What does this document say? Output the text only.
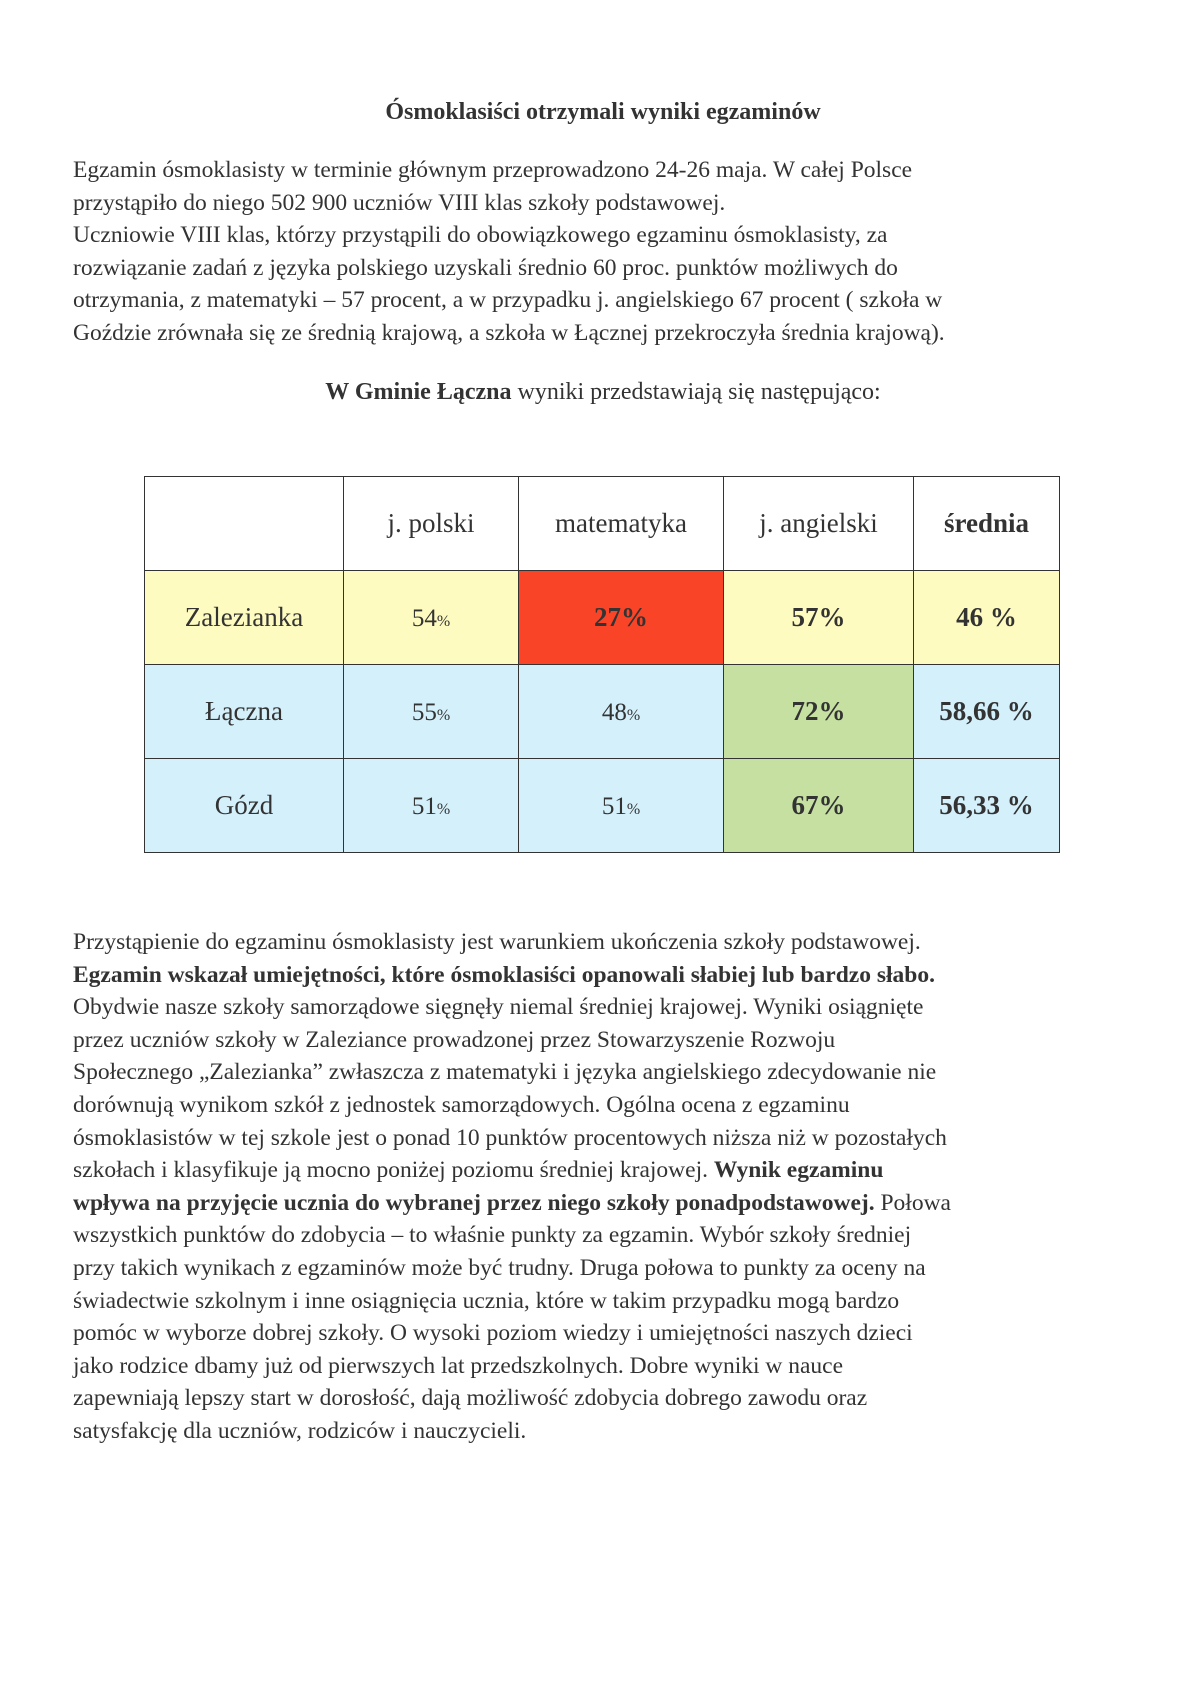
Ósmoklasiści otrzymali wyniki egzaminów

Egzamin ósmoklasisty w terminie głównym przeprowadzono 24-26 maja. W całej Polsce
przystąpiło do niego 502 900 uczniów VIII klas szkoły podstawowej.
Uczniowie VIII klas, którzy przystąpili do obowiązkowego egzaminu ósmoklasisty, za
rozwiązanie zadań z języka polskiego uzyskali średnio 60 proc. punktów możliwych do
otrzymania, z matematyki – 57 procent, a w przypadku j. angielskiego 67 procent ( szkoła w
Goździe zrównała się ze średnią krajową, a szkoła w Łącznej przekroczyła średnia krajową).

W Gminie Łączna wyniki przedstawiają się następująco:

	j. polski	matematyka	j. angielski	średnia
Zalezianka	54%	27%	57%	46 %
Łączna	55%	48%	72%	58,66 %
Gózd	51%	51%	67%	56,33 %
Przystąpienie do egzaminu ósmoklasisty jest warunkiem ukończenia szkoły podstawowej.
Egzamin wskazał umiejętności, które ósmoklasiści opanowali słabiej lub bardzo słabo.
Obydwie nasze szkoły samorządowe sięgnęły niemal średniej krajowej. Wyniki osiągnięte
przez uczniów szkoły w Zaleziance prowadzonej przez Stowarzyszenie Rozwoju
Społecznego „Zalezianka” zwłaszcza z matematyki i języka angielskiego zdecydowanie nie
dorównują wynikom szkół z jednostek samorządowych. Ogólna ocena z egzaminu
ósmoklasistów w tej szkole jest o ponad 10 punktów procentowych niższa niż w pozostałych
szkołach i klasyfikuje ją mocno poniżej poziomu średniej krajowej. Wynik egzaminu
wpływa na przyjęcie ucznia do wybranej przez niego szkoły ponadpodstawowej. Połowa
wszystkich punktów do zdobycia – to właśnie punkty za egzamin. Wybór szkoły średniej
przy takich wynikach z egzaminów może być trudny. Druga połowa to punkty za oceny na
świadectwie szkolnym i inne osiągnięcia ucznia, które w takim przypadku mogą bardzo
pomóc w wyborze dobrej szkoły. O wysoki poziom wiedzy i umiejętności naszych dzieci
jako rodzice dbamy już od pierwszych lat przedszkolnych. Dobre wyniki w nauce
zapewniają lepszy start w dorosłość, dają możliwość zdobycia dobrego zawodu oraz
satysfakcję dla uczniów, rodziców i nauczycieli.
